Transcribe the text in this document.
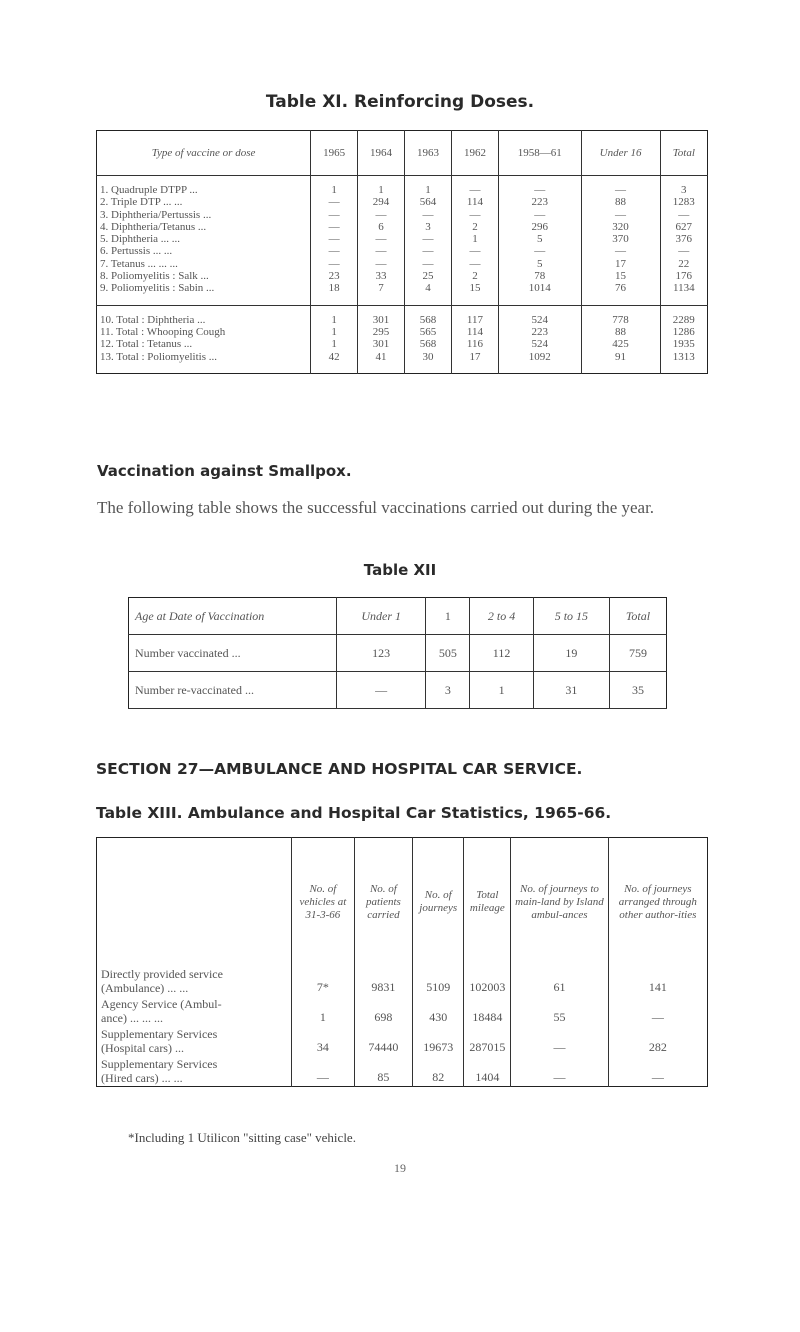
Table XI. Reinforcing Doses.
Type of vaccine or dose	1965	1964	1963	1962	1958—61	Under 16	Total
1. Quadruple DTPP ...	1	1	1	—	—	—	3
2. Triple DTP ... ...	—	294	564	114	223	88	1283
3. Diphtheria/Pertussis ...	—	—	—	—	—	—	—
4. Diphtheria/Tetanus ...	—	6	3	2	296	320	627
5. Diphtheria ... ...	—	—	—	1	5	370	376
6. Pertussis ... ...	—	—	—	—	—	—	—
7. Tetanus ... ... ...	—	—	—	—	5	17	22
8. Poliomyelitis : Salk ...	23	33	25	2	78	15	176
9. Poliomyelitis : Sabin ...	18	7	4	15	1014	76	1134
10. Total : Diphtheria ...	1	301	568	117	524	778	2289
11. Total : Whooping Cough	1	295	565	114	223	88	1286
12. Total : Tetanus ...	1	301	568	116	524	425	1935
13. Total : Poliomyelitis ...	42	41	30	17	1092	91	1313
Vaccination against Smallpox.
The following table shows the successful vaccinations carried out during the year.
Table XII
Age at Date of Vaccination	Under 1	1	2 to 4	5 to 15	Total
Number vaccinated ...	123	505	112	19	759
Number re-vaccinated ...	—	3	1	31	35
SECTION 27—AMBULANCE AND HOSPITAL CAR SERVICE.
Table XIII. Ambulance and Hospital Car Statistics, 1965-66.
	No. of vehicles at 31-3-66	No. of patients carried	No. of journeys	Total mileage	No. of journeys to main-land by Island ambul-ances	No. of journeys arranged through other author-ities

Directly provided service
(Ambulance) ... ...	7*	9831	5109	102003	61	141

Agency Service (Ambul-
ance) ... ... ...	1	698	430	18484	55	—

Supplementary Services
(Hospital cars) ...	34	74440	19673	287015	—	282

Supplementary Services
(Hired cars) ... ...	—	85	82	1404	—	—
*Including 1 Utilicon "sitting case" vehicle.
19
